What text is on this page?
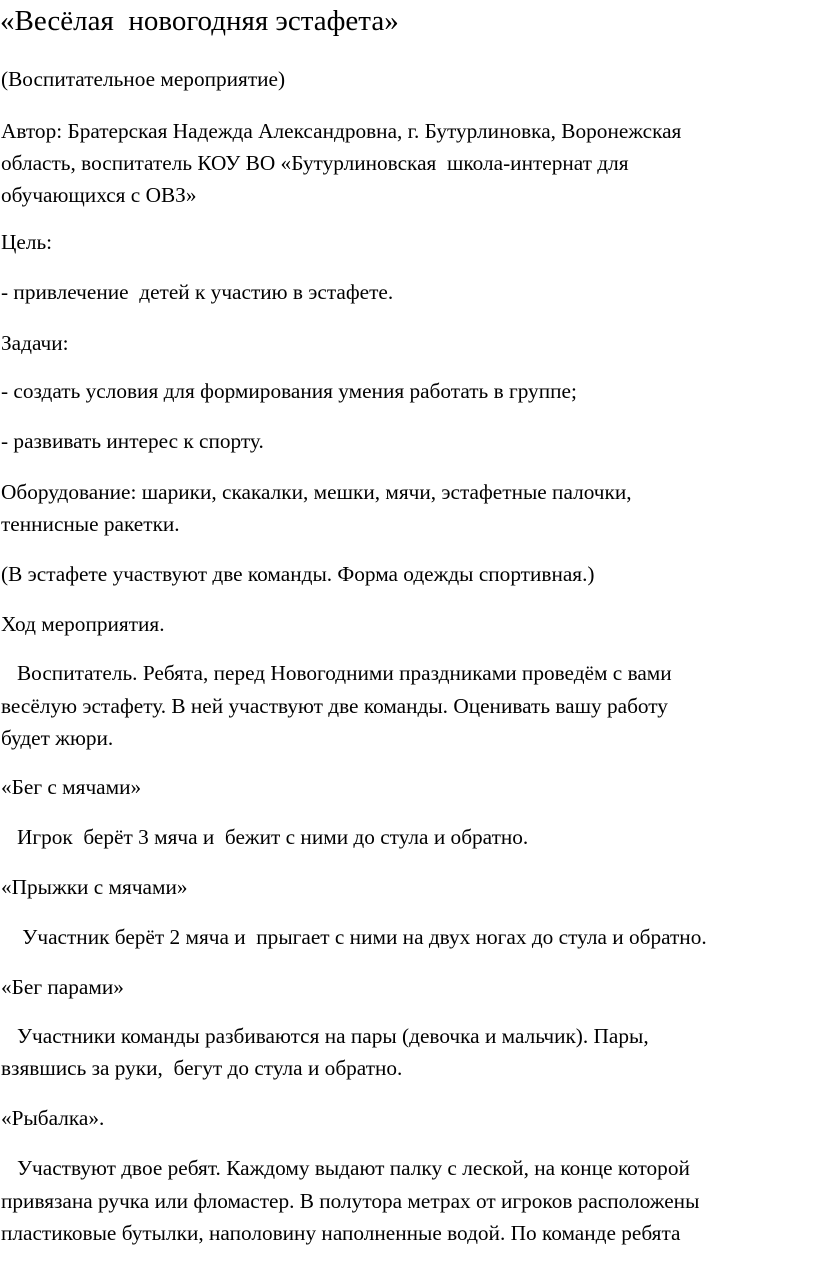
«Весёлая  новогодняя эстафета»
(Воспитательное мероприятие)
Автор: Братерская Надежда Александровна, г. Бутурлиновка, Воронежская
область, воспитатель КОУ ВО «Бутурлиновская  школа-интернат для
обучающихся с ОВЗ»
Цель:
- привлечение  детей к участию в эстафете.
Задачи:
- создать условия для формирования умения работать в группе;
- развивать интерес к спорту.
Оборудование: шарики, скакалки, мешки, мячи, эстафетные палочки,
теннисные ракетки.
(В эстафете участвуют две команды. Форма одежды спортивная.)
Ход мероприятия.
Воспитатель. Ребята, перед Новогодними праздниками проведём с вами
весёлую эстафету. В ней участвуют две команды. Оценивать вашу работу
будет жюри.
«Бег с мячами»
Игрок  берёт 3 мяча и  бежит с ними до стула и обратно.
«Прыжки с мячами»
Участник берёт 2 мяча и  прыгает с ними на двух ногах до стула и обратно.
«Бег парами»
Участники команды разбиваются на пары (девочка и мальчик). Пары,
взявшись за руки,  бегут до стула и обратно.
«Рыбалка».
Участвуют двое ребят. Каждому выдают палку с леской, на конце которой
привязана ручка или фломастер. В полутора метрах от игроков расположены
пластиковые бутылки, наполовину наполненные водой. По команде ребята
